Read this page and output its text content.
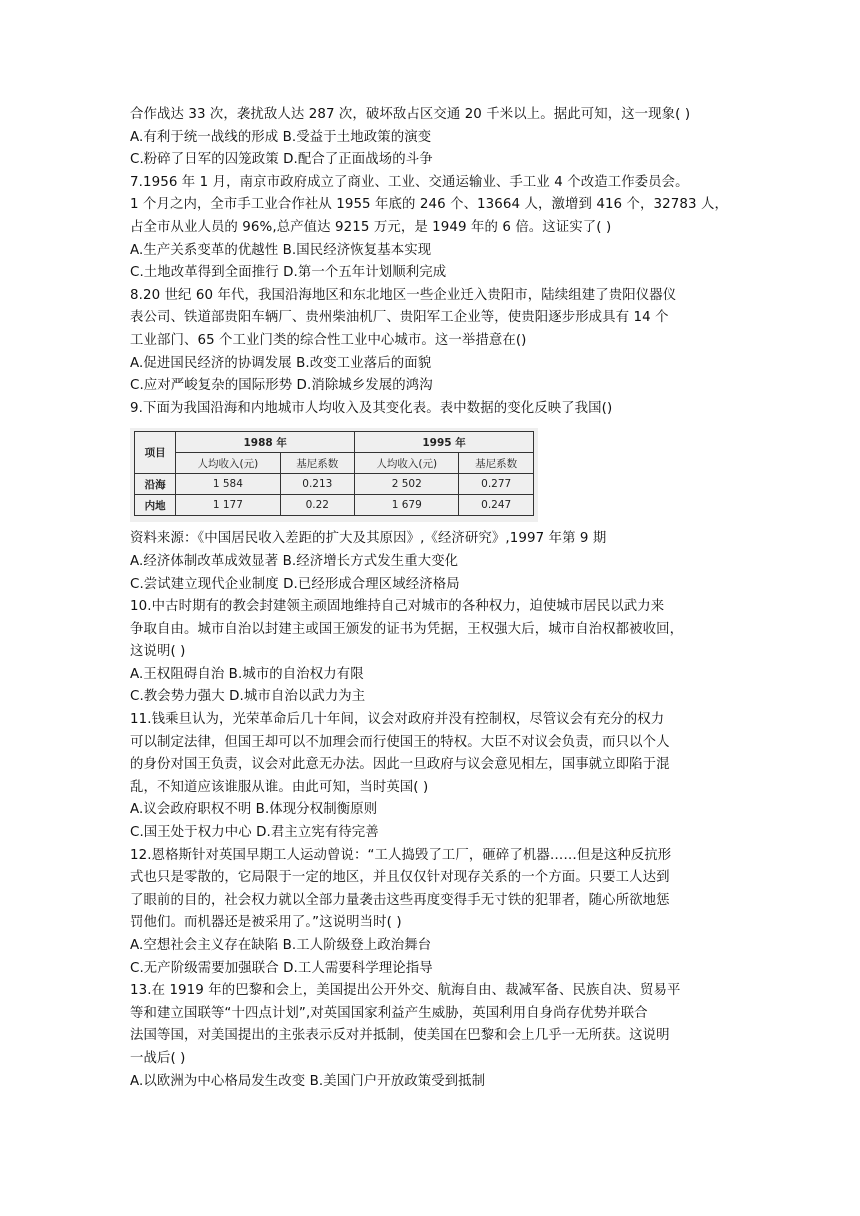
合作战达 33 次，袭扰敌人达 287 次，破坏敌占区交通 20 千米以上。据此可知，这一现象( )
A.有利于统一战线的形成 B.受益于土地政策的演变
C.粉碎了日军的囚笼政策 D.配合了正面战场的斗争
7.1956 年 1 月，南京市政府成立了商业、工业、交通运输业、手工业 4 个改造工作委员会。
1 个月之内，全市手工业合作社从 1955 年底的 246 个、13664 人，激增到 416 个，32783 人，
占全市从业人员的 96%,总产值达 9215 万元，是 1949 年的 6 倍。这证实了( )
A.生产关系变革的优越性 B.国民经济恢复基本实现
C.土地改革得到全面推行 D.第一个五年计划顺利完成
8.20 世纪 60 年代，我国沿海地区和东北地区一些企业迁入贵阳市，陆续组建了贵阳仪器仪
表公司、铁道部贵阳车辆厂、贵州柴油机厂、贵阳军工企业等，使贵阳逐步形成具有 14 个
工业部门、65 个工业门类的综合性工业中心城市。这一举措意在()
A.促进国民经济的协调发展 B.改变工业落后的面貌
C.应对严峻复杂的国际形势 D.消除城乡发展的鸿沟
9.下面为我国沿海和内地城市人均收入及其变化表。表中数据的变化反映了我国()
项目	1988 年		1995 年	
	人均收入(元)	基尼系数	人均收入(元)	基尼系数
沿海	1 584	0.213	2 502	0.277
内地	1 177	0.22	1 679	0.247
资料来源：《中国居民收入差距的扩大及其原因》,《经济研究》,1997 年第 9 期
A.经济体制改革成效显著 B.经济增长方式发生重大变化
C.尝试建立现代企业制度 D.已经形成合理区域经济格局
10.中古时期有的教会封建领主顽固地维持自己对城市的各种权力，迫使城市居民以武力来
争取自由。城市自治以封建主或国王颁发的证书为凭据，王权强大后，城市自治权都被收回，
这说明( )
A.王权阻碍自治 B.城市的自治权力有限
C.教会势力强大 D.城市自治以武力为主
11.钱乘旦认为，光荣革命后几十年间，议会对政府并没有控制权，尽管议会有充分的权力
可以制定法律，但国王却可以不加理会而行使国王的特权。大臣不对议会负责，而只以个人
的身份对国王负责，议会对此意无办法。因此一旦政府与议会意见相左，国事就立即陷于混
乱，不知道应该谁服从谁。由此可知，当时英国( )
A.议会政府职权不明 B.体现分权制衡原则
C.国王处于权力中心 D.君主立宪有待完善
12.恩格斯针对英国早期工人运动曾说：“工人捣毁了工厂，砸碎了机器……但是这种反抗形
式也只是零散的，它局限于一定的地区，并且仅仅针对现存关系的一个方面。只要工人达到
了眼前的目的，社会权力就以全部力量袭击这些再度变得手无寸铁的犯罪者，随心所欲地惩
罚他们。而机器还是被采用了。”这说明当时( )
A.空想社会主义存在缺陷 B.工人阶级登上政治舞台
C.无产阶级需要加强联合 D.工人需要科学理论指导
13.在 1919 年的巴黎和会上，美国提出公开外交、航海自由、裁减军备、民族自决、贸易平
等和建立国联等“十四点计划”,对英国国家利益产生威胁，英国利用自身尚存优势并联合
法国等国，对美国提出的主张表示反对并抵制，使美国在巴黎和会上几乎一无所获。这说明
一战后( )
A.以欧洲为中心格局发生改变 B.美国门户开放政策受到抵制
